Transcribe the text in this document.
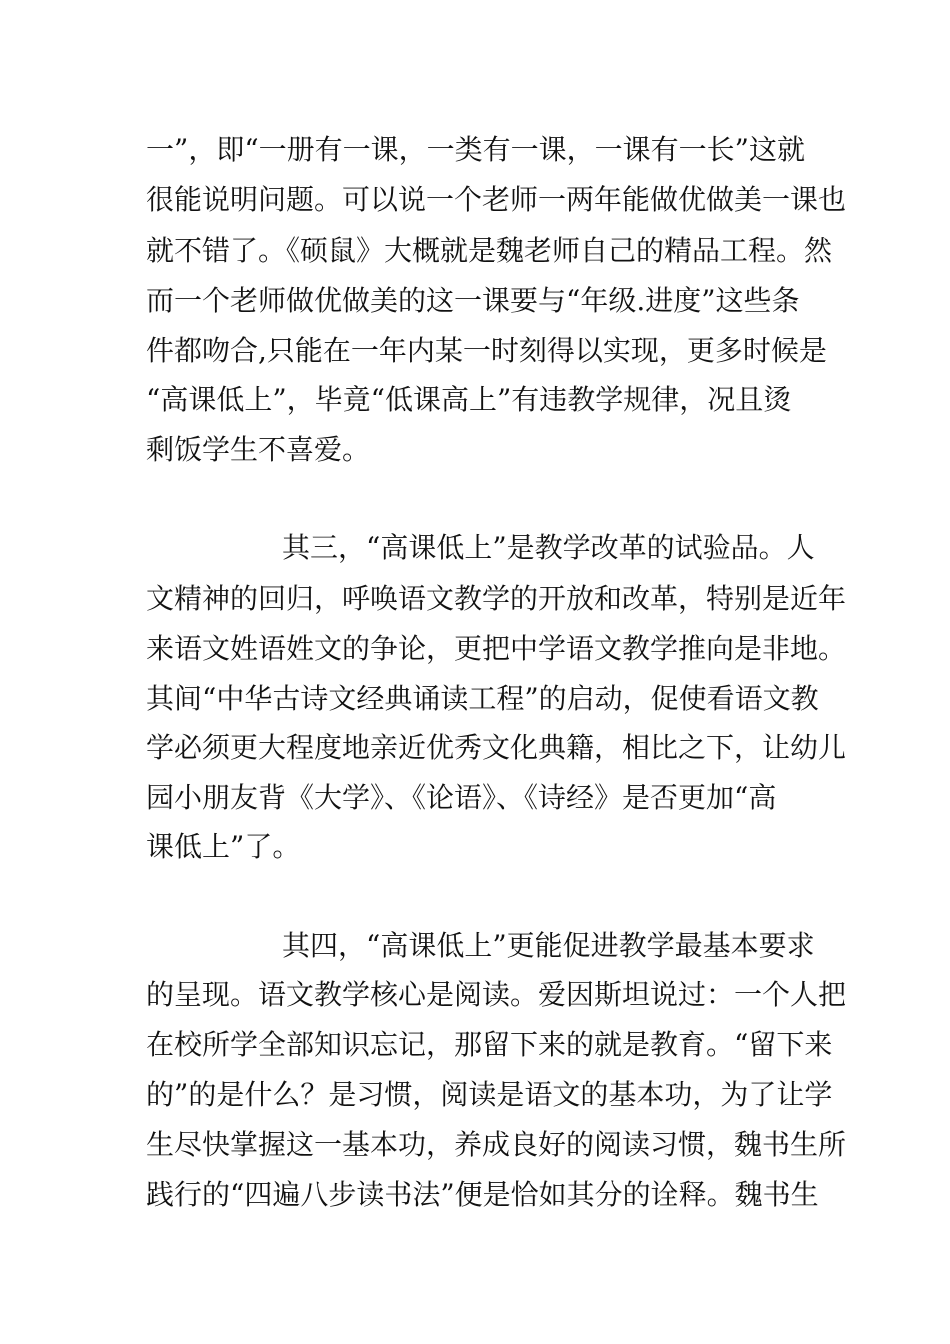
一”，即“一册有一课，一类有一课，一课有一长”这就
很能说明问题。可以说一个老师一两年能做优做美一课也
就不错了。《硕鼠》大概就是魏老师自己的精品工程。然
而一个老师做优做美的这一课要与“年级.进度”这些条
件都吻合,只能在一年内某一时刻得以实现，更多时候是
“高课低上”，毕竟“低课高上”有违教学规律，况且烫
剩饭学生不喜爱。
其三，“高课低上”是教学改革的试验品。人
文精神的回归，呼唤语文教学的开放和改革，特别是近年
来语文姓语姓文的争论，更把中学语文教学推向是非地。
其间“中华古诗文经典诵读工程”的启动，促使看语文教
学必须更大程度地亲近优秀文化典籍，相比之下，让幼儿
园小朋友背《大学》、《论语》、《诗经》是否更加“高
课低上”了。
其四，“高课低上”更能促进教学最基本要求
的呈现。语文教学核心是阅读。爱因斯坦说过：一个人把
在校所学全部知识忘记，那留下来的就是教育。“留下来
的”的是什么？是习惯，阅读是语文的基本功，为了让学
生尽快掌握这一基本功，养成良好的阅读习惯，魏书生所
践行的“四遍八步读书法”便是恰如其分的诠释。魏书生
